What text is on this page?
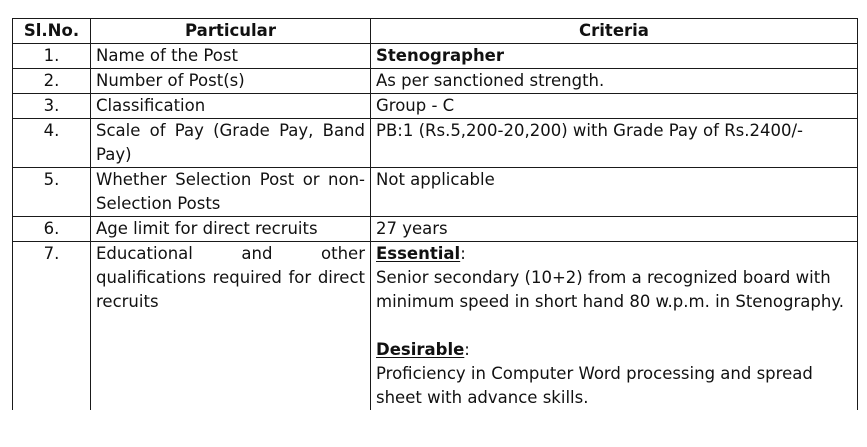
Sl.No.	Particular	Criteria
1.	Name of the Post	Stenographer
2.	Number of Post(s)	As per sanctioned strength.
3.	Classification	Group - C
4.	Scale of Pay (Grade Pay, Band Pay)	PB:1 (Rs.5,200-20,200) with Grade Pay of Rs.2400/-
5.	Whether Selection Post or non-Selection Posts	Not applicable
6.	Age limit for direct recruits	27 years
7.	Educational and other qualifications required for direct recruits	Essential:
Senior secondary (10+2) from a recognized board with minimum speed in short hand 80 w.p.m. in Stenography.
Desirable:
Proficiency in Computer Word processing and spread sheet with advance skills.
